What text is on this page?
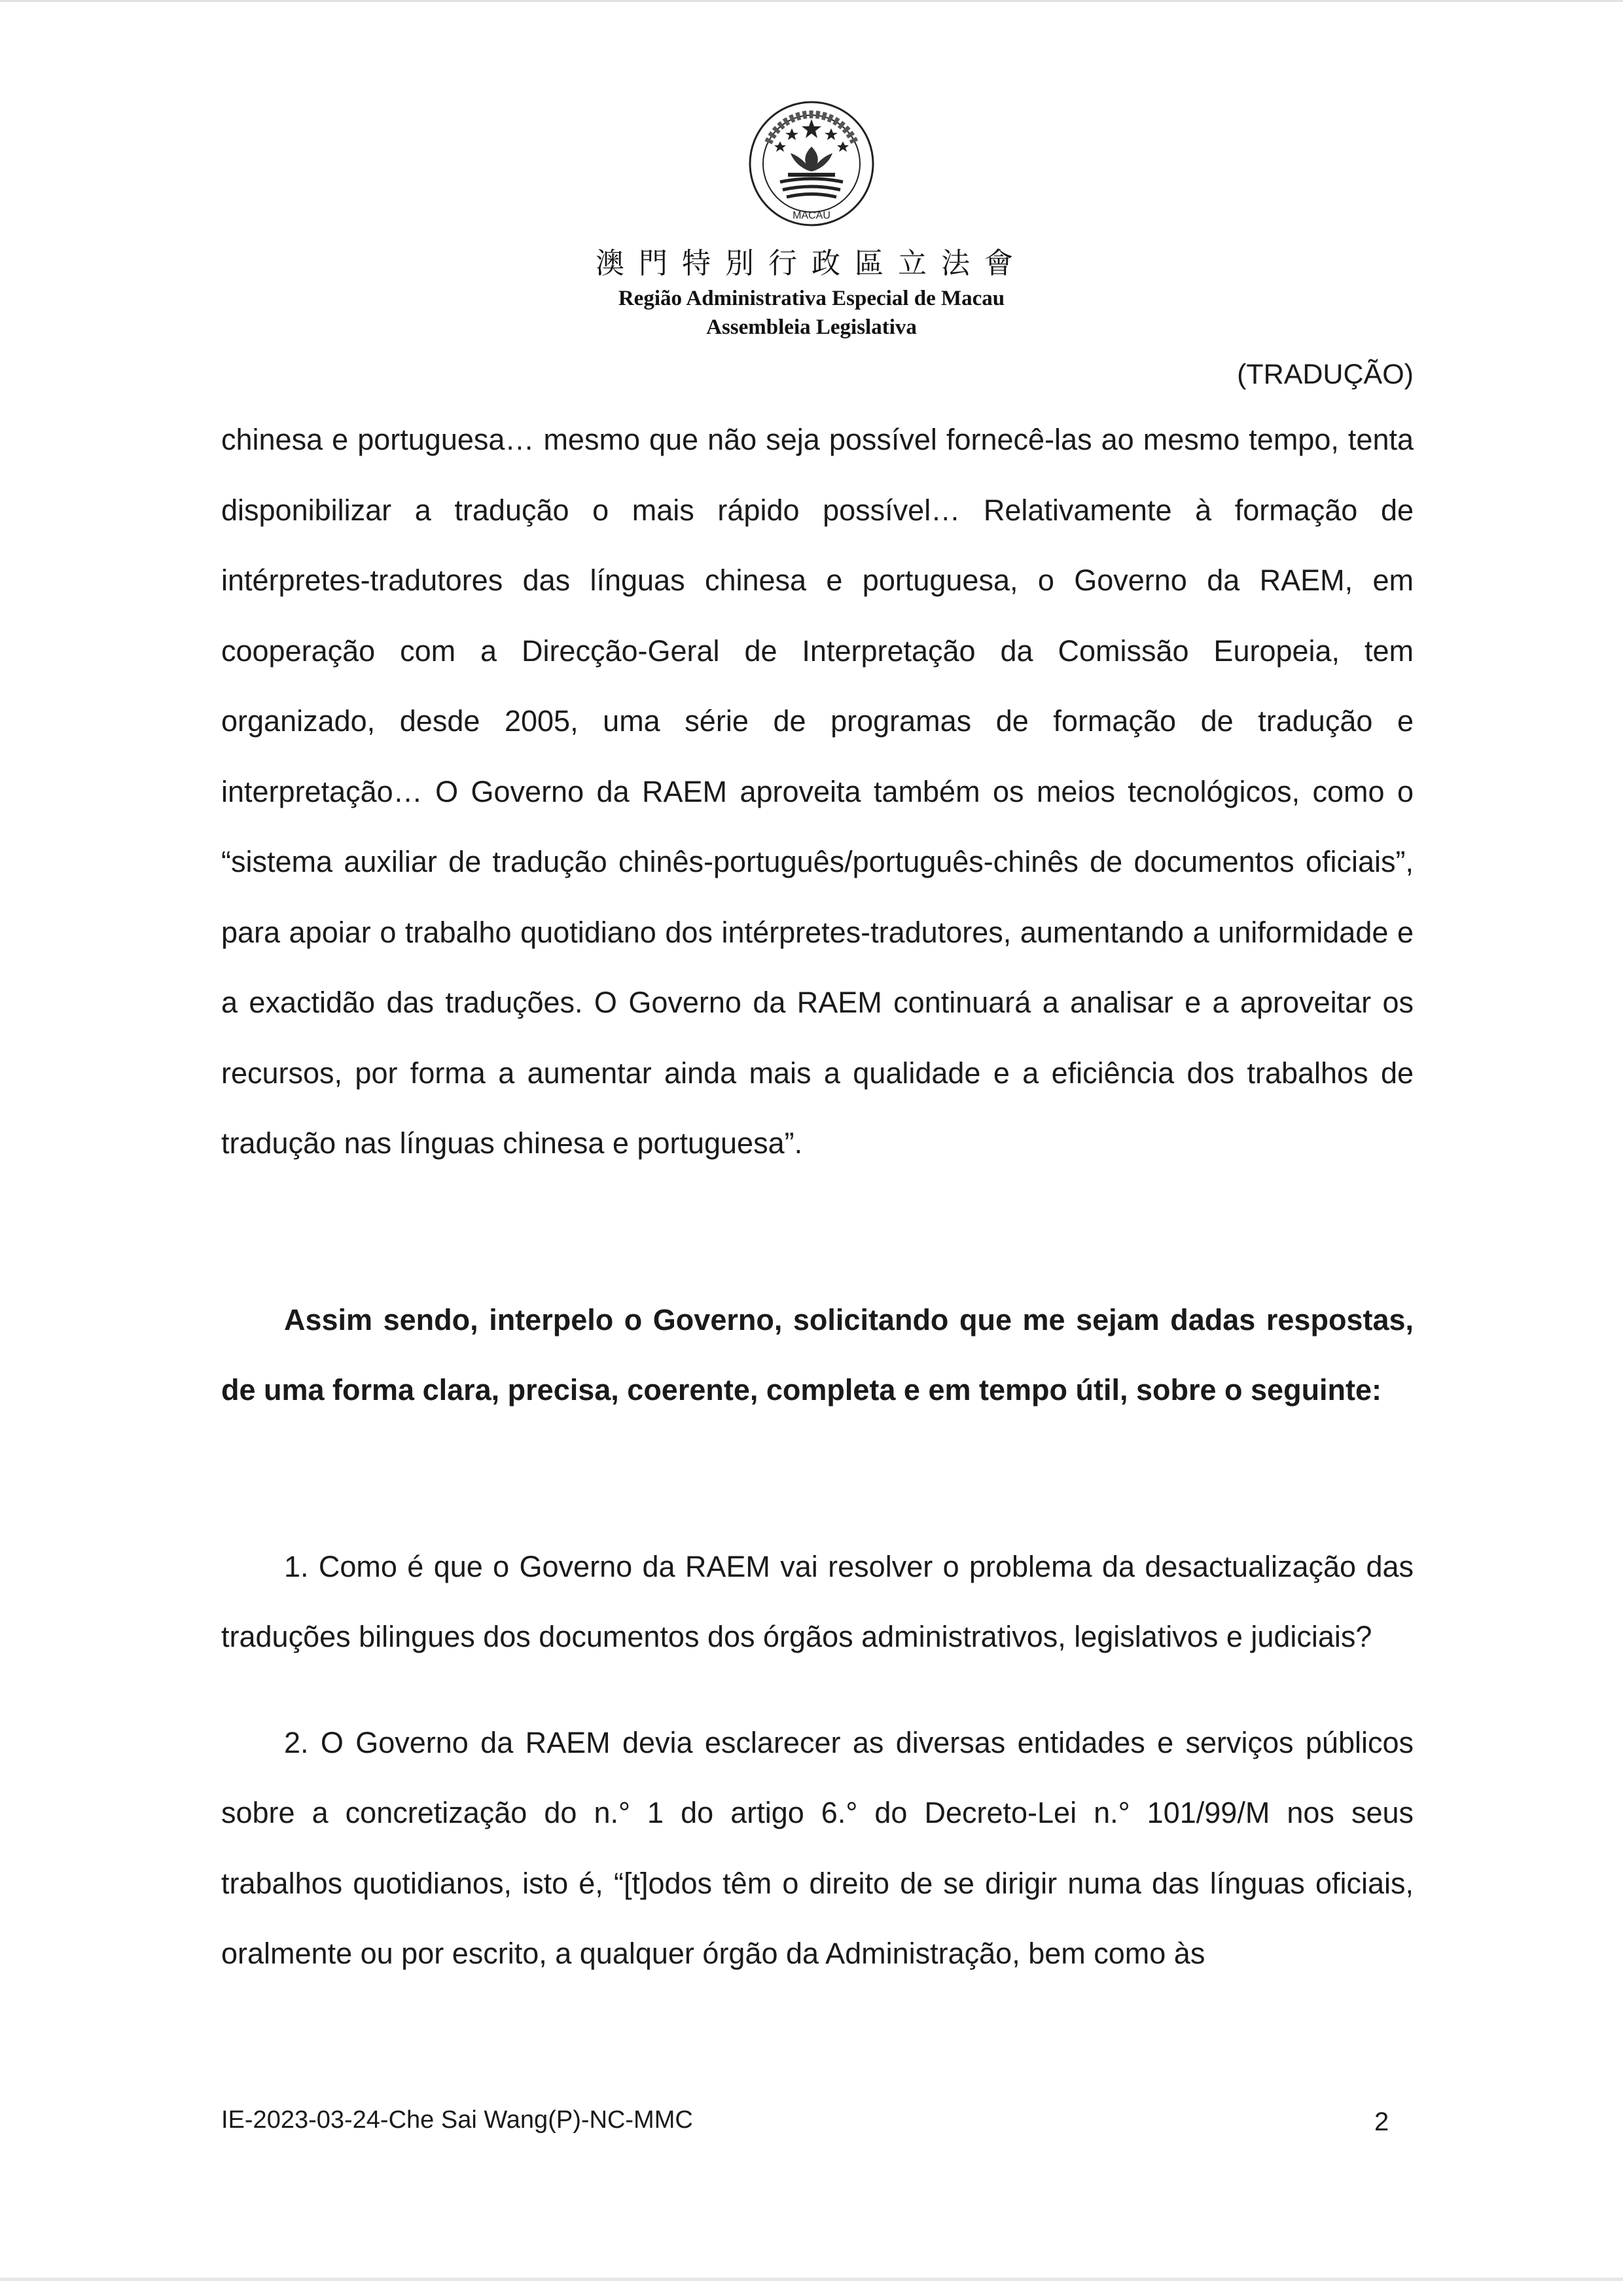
MACAU
澳門特別行政區立法會
Região Administrativa Especial de Macau
Assembleia Legislativa
(TRADUÇÃO)

chinesa e portuguesa… mesmo que não seja possível fornecê-las ao mesmo tempo, tenta disponibilizar a tradução o mais rápido possível… Relativamente à formação de intérpretes-tradutores das línguas chinesa e portuguesa, o Governo da RAEM, em cooperação com a Direcção-Geral de Interpretação da Comissão Europeia, tem organizado, desde 2005, uma série de programas de formação de tradução e interpretação… O Governo da RAEM aproveita também os meios tecnológicos, como o “sistema auxiliar de tradução chinês-português/português-chinês de documentos oficiais”, para apoiar o trabalho quotidiano dos intérpretes-tradutores, aumentando a uniformidade e a exactidão das traduções. O Governo da RAEM continuará a analisar e a aproveitar os recursos, por forma a aumentar ainda mais a qualidade e a eficiência dos trabalhos de tradução nas línguas chinesa e portuguesa”.

Assim sendo, interpelo o Governo, solicitando que me sejam dadas respostas, de uma forma clara, precisa, coerente, completa e em tempo útil, sobre o seguinte:

1. Como é que o Governo da RAEM vai resolver o problema da desactualização das traduções bilingues dos documentos dos órgãos administrativos, legislativos e judiciais?

2. O Governo da RAEM devia esclarecer as diversas entidades e serviços públicos sobre a concretização do n.° 1 do artigo 6.° do Decreto-Lei n.° 101/99/M nos seus trabalhos quotidianos, isto é, “[t]odos têm o direito de se dirigir numa das línguas oficiais, oralmente ou por escrito, a qualquer órgão da Administração, bem como às

IE-2023-03-24-Che Sai Wang(P)-NC-MMC	2
